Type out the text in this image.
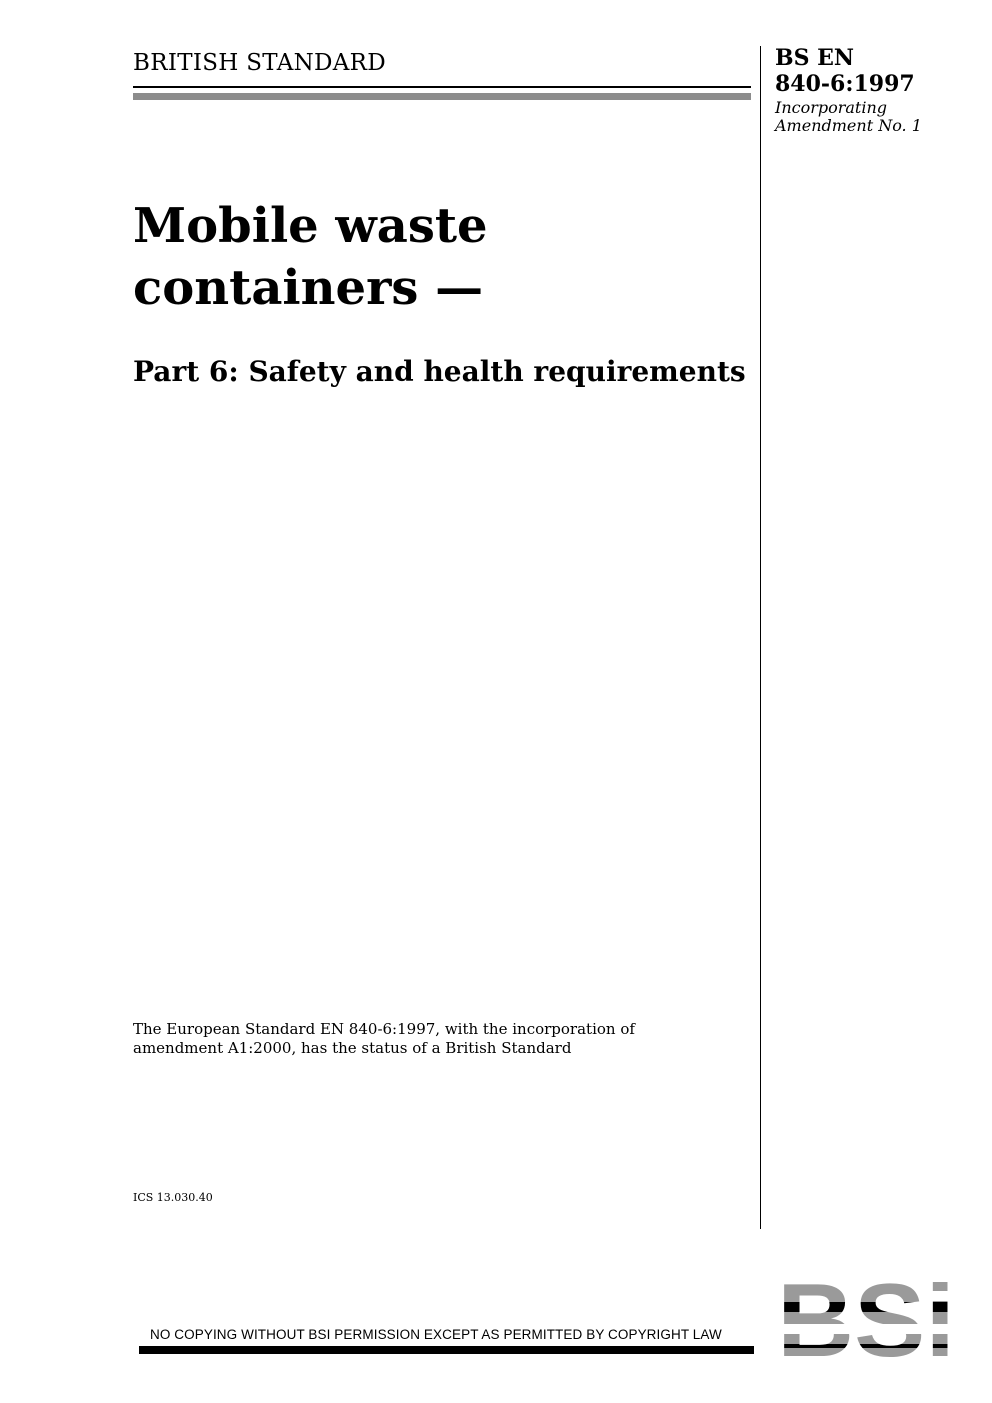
BRITISH STANDARD	BS EN
840-6:1997
Incorporating
Amendment No. 1
Mobile waste
containers —
Part 6: Safety and health requirements
The European Standard EN 840-6:1997, with the incorporation of
amendment A1:2000, has the status of a British Standard
ICS 13.030.40
NO COPYING WITHOUT BSI PERMISSION EXCEPT AS PERMITTED BY COPYRIGHT LAW
